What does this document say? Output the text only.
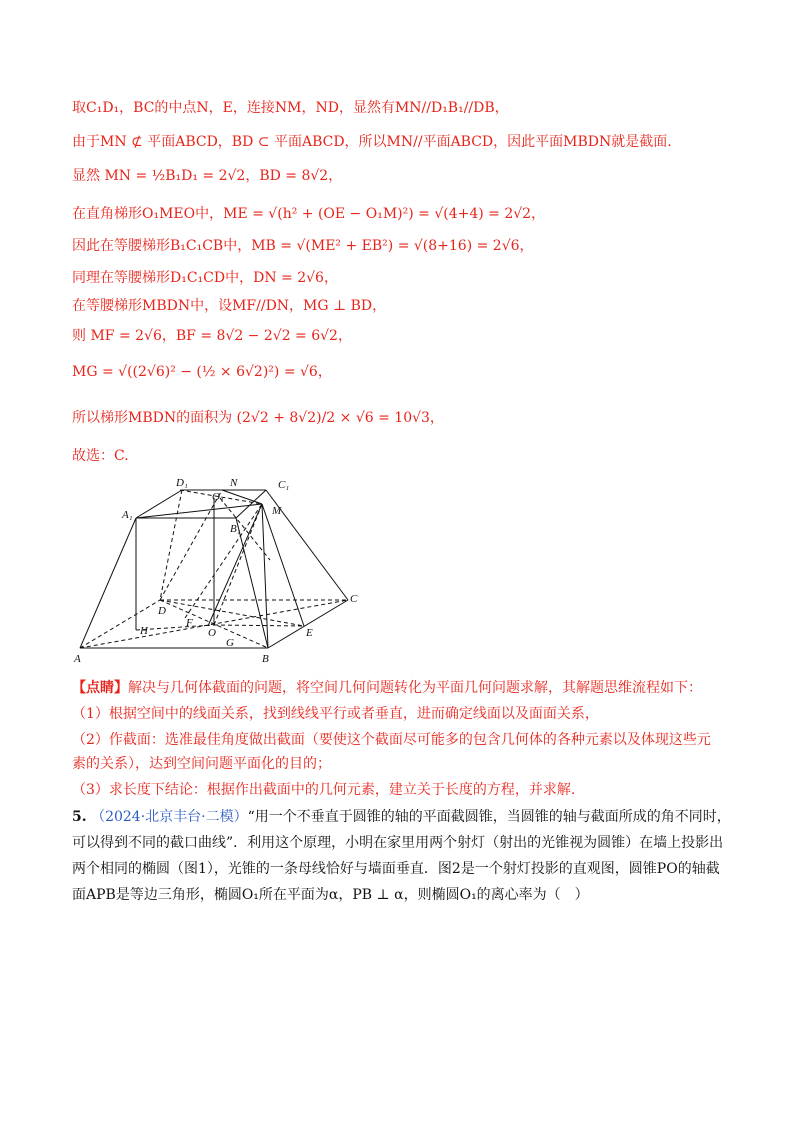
取C₁D₁，BC的中点N，E，连接NM，ND，显然有MN//D₁B₁//DB，
由于MN ⊄ 平面ABCD，BD ⊂ 平面ABCD，所以MN//平面ABCD，因此平面MBDN就是截面.
显然 MN = ½B₁D₁ = 2√2，BD = 8√2，
在直角梯形O₁MEO中，ME = √(h² + (OE − O₁M)²) = √(4+4) = 2√2，
因此在等腰梯形B₁C₁CB中，MB = √(ME² + EB²) = √(8+16) = 2√6，
同理在等腰梯形D₁C₁CD中，DN = 2√6，
在等腰梯形MBDN中，设MF//DN，MG ⊥ BD，
则 MF = 2√6，BF = 8√2 − 2√2 = 6√2，
MG = √((2√6)² − (½ × 6√2)²) = √6，
所以梯形MBDN的面积为 (2√2 + 8√2)/2 × √6 = 10√3，
故选：C.
D₁	N	C₁
O₁
A₁
B₁
M
D
C
F
O	E
H
G
A	B
【点睛】解决与几何体截面的问题，将空间几何问题转化为平面几何问题求解，其解题思维流程如下：
（1）根据空间中的线面关系，找到线线平行或者垂直，进而确定线面以及面面关系，
（2）作截面：选准最佳角度做出截面（要使这个截面尽可能多的包含几何体的各种元素以及体现这些元
素的关系），达到空间问题平面化的目的；
（3）求长度下结论：根据作出截面中的几何元素，建立关于长度的方程，并求解.
5. （2024·北京丰台·二模）“用一个不垂直于圆锥的轴的平面截圆锥，当圆锥的轴与截面所成的角不同时，可以得到不同的截口曲线”．利用这个原理，小明在家里用两个射灯（射出的光锥视为圆锥）在墙上投影出两个相同的椭圆（图1），光锥的一条母线恰好与墙面垂直．图2是一个射灯投影的直观图，圆锥PO的轴截面APB是等边三角形，椭圆O₁所在平面为α，PB ⊥ α，则椭圆O₁的离心率为（　）
